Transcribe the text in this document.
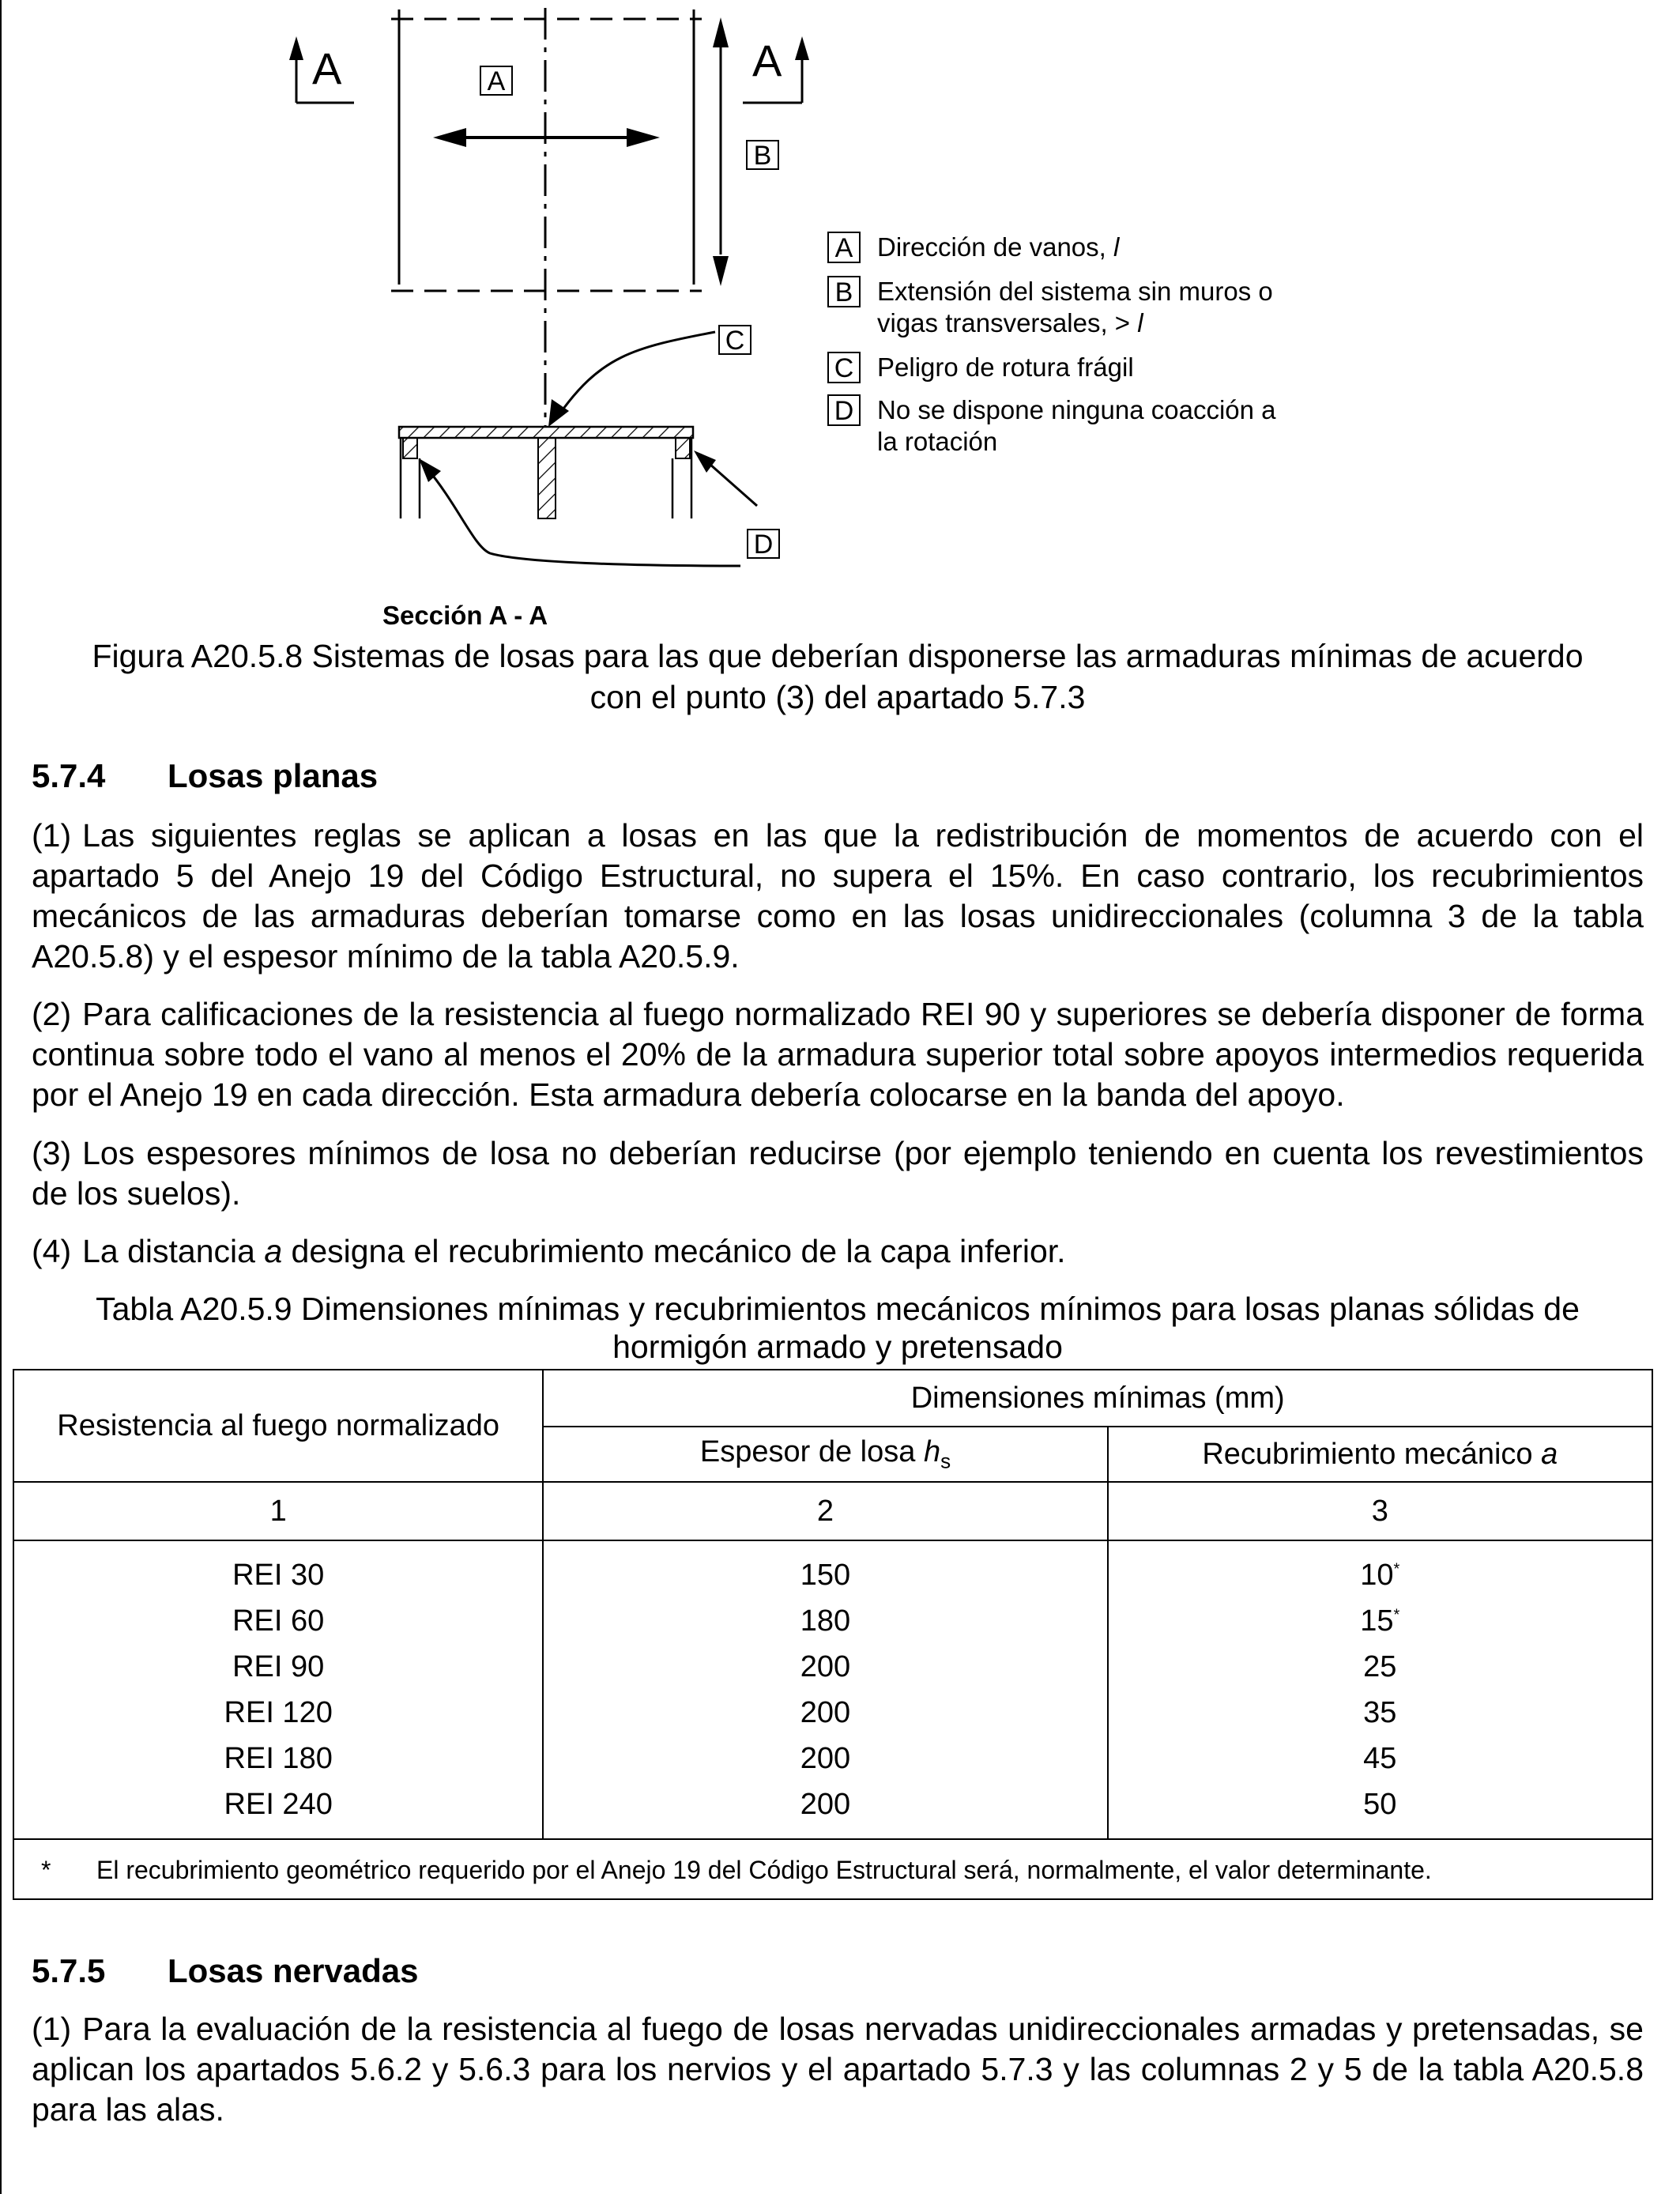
A	A
A
B
C
D
Sección A - A
A Dirección de vanos, l
B Extensión del sistema sin muros o
vigas transversales, > l
C Peligro de rotura frágil
D No se dispone ninguna coacción a
la rotación
Figura A20.5.8 Sistemas de losas para las que deberían disponerse las armaduras mínimas de acuerdo
con el punto (3) del apartado 5.7.3
5.7.4	Losas planas
(1) Las siguientes reglas se aplican a losas en las que la redistribución de momentos de acuerdo con el apartado 5 del Anejo 19 del Código Estructural, no supera el 15%. En caso contrario, los recubrimientos mecánicos de las armaduras deberían tomarse como en las losas unidireccionales (columna 3 de la tabla A20.5.8) y el espesor mínimo de la tabla A20.5.9.
(2) Para calificaciones de la resistencia al fuego normalizado REI 90 y superiores se debería disponer de forma continua sobre todo el vano al menos el 20% de la armadura superior total sobre apoyos intermedios requerida por el Anejo 19 en cada dirección. Esta armadura debería colocarse en la banda del apoyo.
(3) Los espesores mínimos de losa no deberían reducirse (por ejemplo teniendo en cuenta los revestimientos de los suelos).
(4) La distancia a designa el recubrimiento mecánico de la capa inferior.
Tabla A20.5.9 Dimensiones mínimas y recubrimientos mecánicos mínimos para losas planas sólidas de
hormigón armado y pretensado
Resistencia al fuego normalizado	Dimensiones mínimas (mm)	
	Espesor de losa $h_s$	Recubrimiento mecánico a
1	2	3
REI 30	150	10*
REI 60	180	15*
REI 90	200	25
REI 120	200	35
REI 180	200	45
REI 240	200	50

* El recubrimiento geométrico requerido por el Anejo 19 del Código Estructural será, normalmente, el valor determinante.		
5.7.5	Losas nervadas
(1) Para la evaluación de la resistencia al fuego de losas nervadas unidireccionales armadas y pretensadas, se aplican los apartados 5.6.2 y 5.6.3 para los nervios y el apartado 5.7.3 y las columnas 2 y 5 de la tabla A20.5.8 para las alas.
